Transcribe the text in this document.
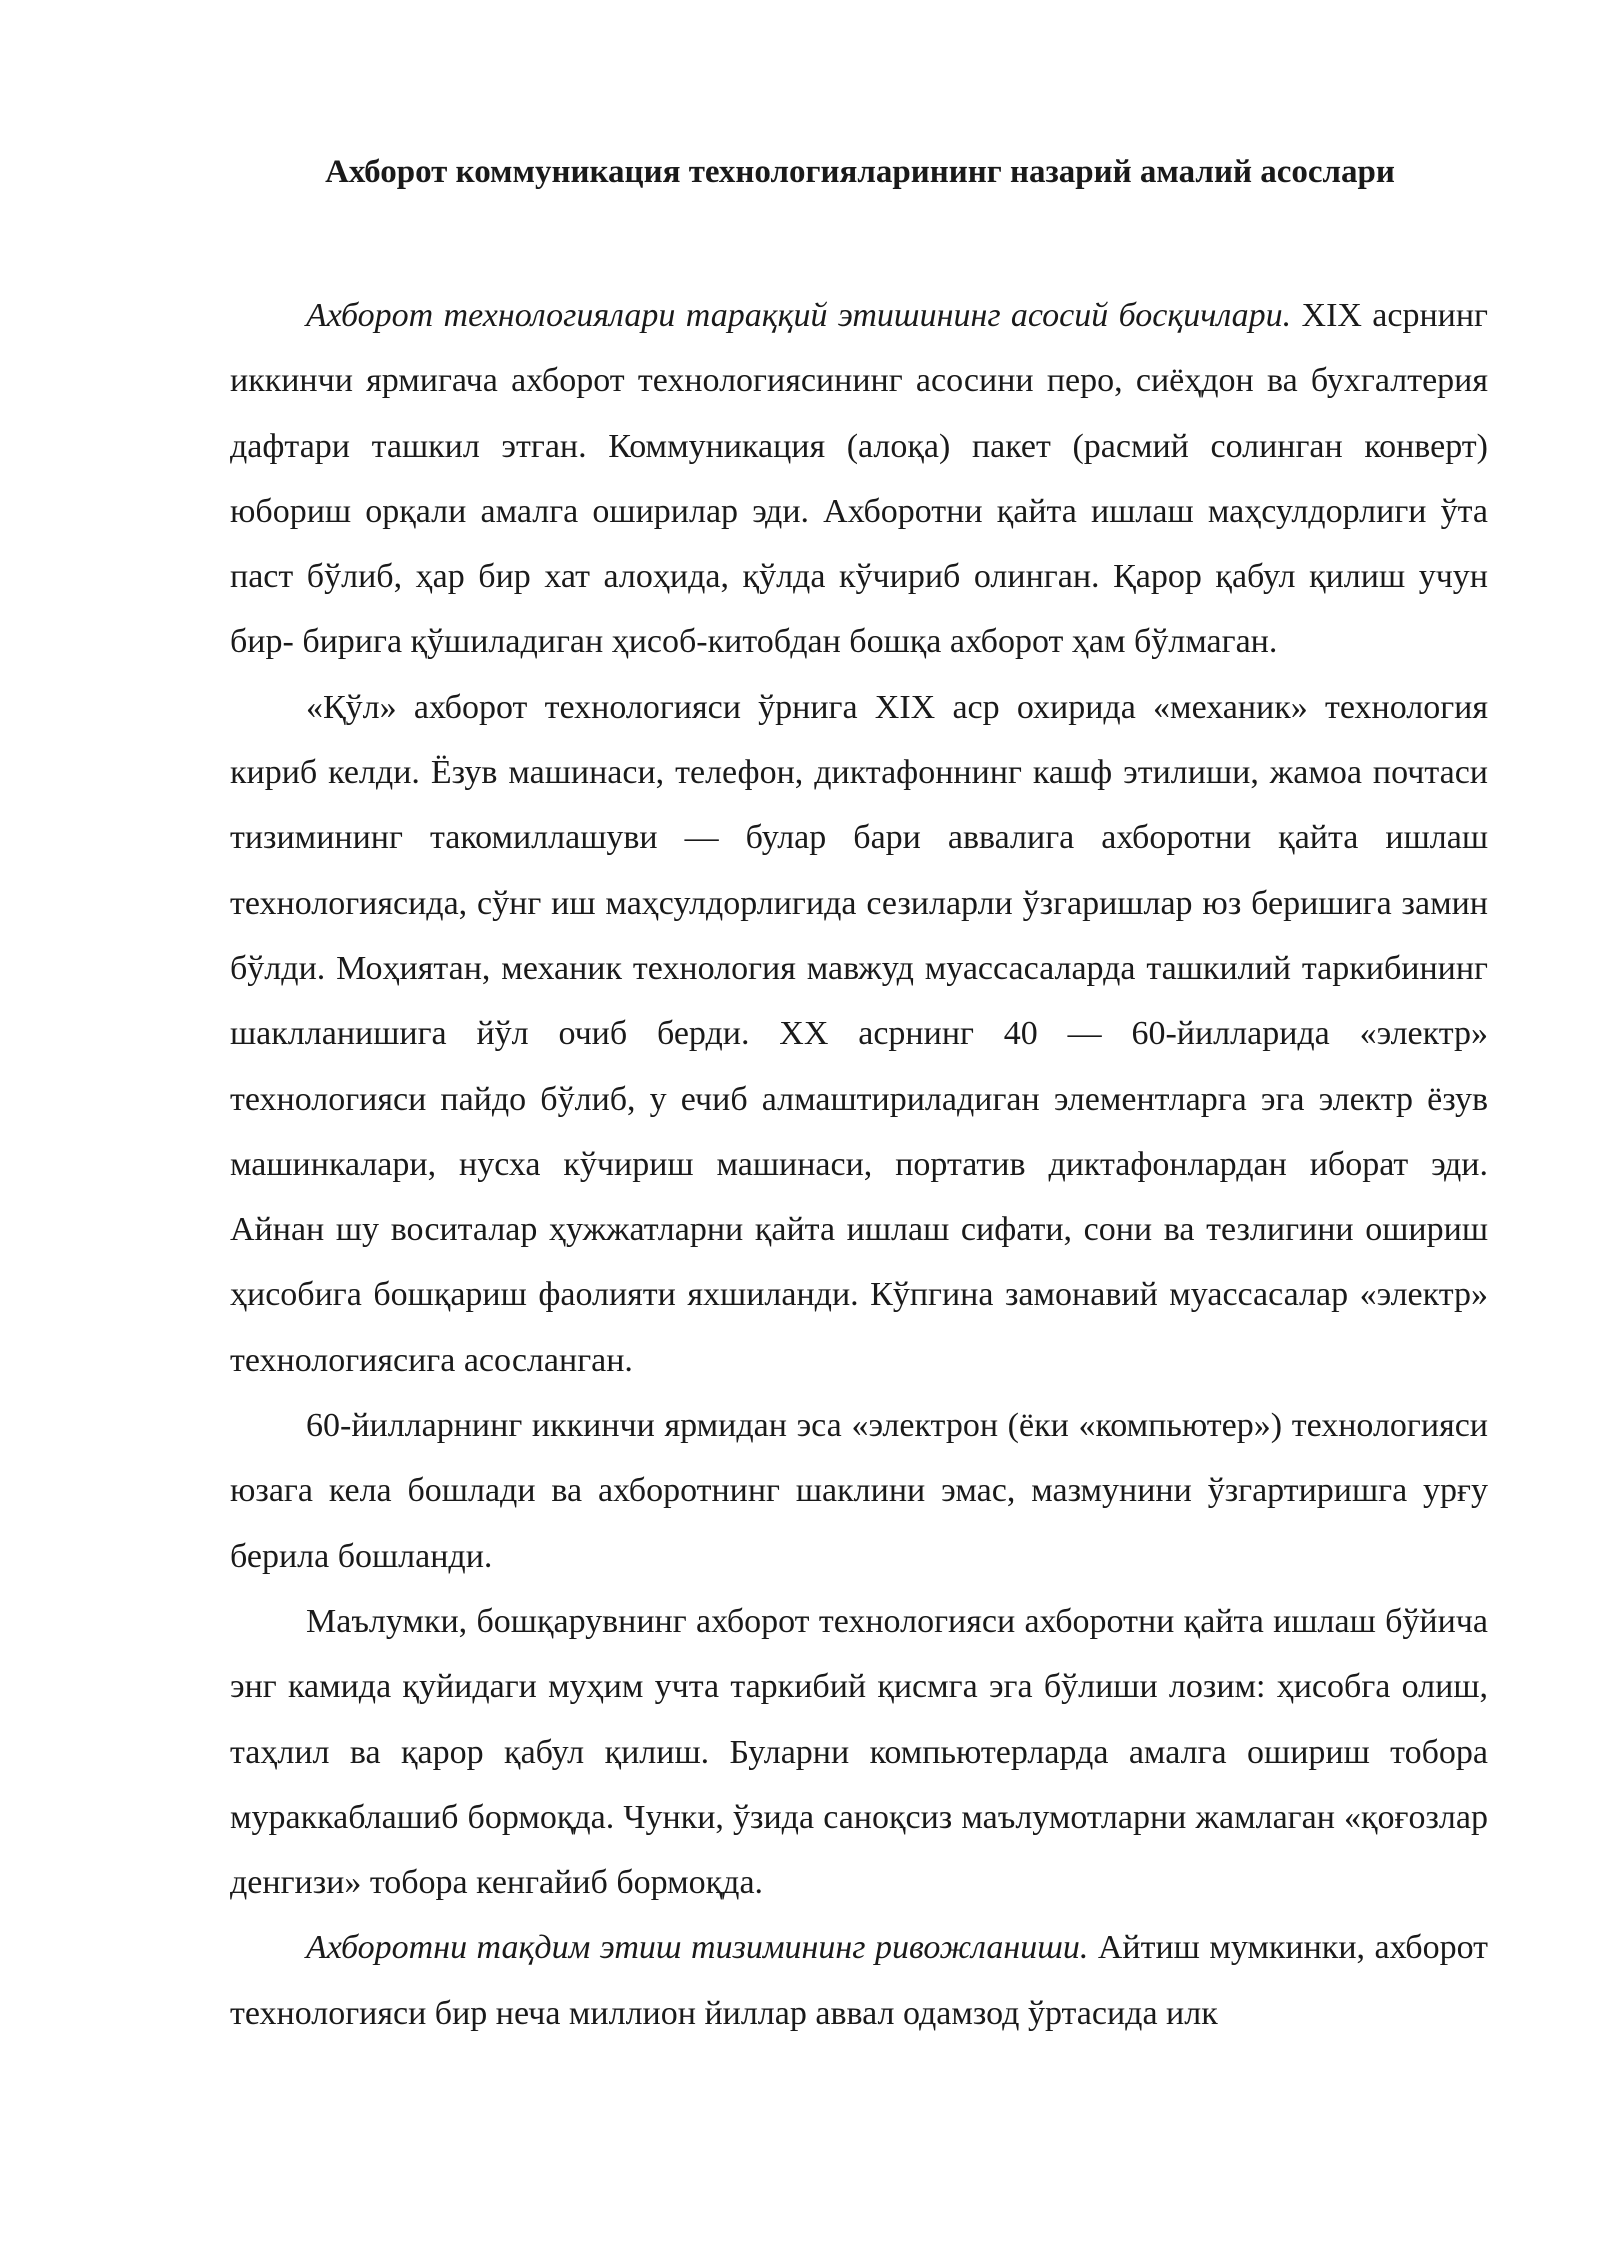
Ахборот коммуникация технологияларининг назарий амалий асослари

Ахборот технологиялари тараққий этишининг асосий босқичлари. XIX асрнинг иккинчи ярмигача ахборот технологиясининг асосини перо, сиёҳдон ва бухгалтерия дафтари ташкил этган. Коммуникация (алоқа) пакет (расмий солинган конверт) юбориш орқали амалга оширилар эди. Ахборотни қайта ишлаш маҳсулдорлиги ўта паст бўлиб, ҳар бир хат алоҳида, қўлда кўчириб олинган. Қарор қабул қилиш учун бир- бирига қўшиладиган ҳисоб-китобдан бошқа ахборот ҳам бўлмаган.

«Қўл» ахборот технологияси ўрнига XIX аср охирида «механик» технология кириб келди. Ёзув машинаси, телефон, диктафоннинг кашф этилиши, жамоа почтаси тизимининг такомиллашуви — булар бари аввалига ахборотни қайта ишлаш технологиясида, сўнг иш маҳсулдорлигида сезиларли ўзгаришлар юз беришига замин бўлди. Моҳиятан, механик технология мавжуд муассасаларда ташкилий таркибининг шаклланишига йўл очиб берди. XX асрнинг 40 — 60-йилларида «электр» технологияси пайдо бўлиб, у ечиб алмаштириладиган элементларга эга электр ёзув машинкалари, нусха кўчириш машинаси, портатив диктафонлардан иборат эди. Айнан шу воситалар ҳужжатларни қайта ишлаш сифати, сони ва тезлигини ошириш ҳисобига бошқариш фаолияти яхшиланди. Кўпгина замонавий муассасалар «электр» технологиясига асосланган.

60-йилларнинг иккинчи ярмидан эса «электрон (ёки «компьютер») технологияси юзага кела бошлади ва ахборотнинг шаклини эмас, мазмунини ўзгартиришга урғу берила бошланди.

Маълумки, бошқарувнинг ахборот технологияси ахборотни қайта ишлаш бўйича энг камида қуйидаги муҳим учта таркибий қисмга эга бўлиши лозим: ҳисобга олиш, таҳлил ва қарор қабул қилиш. Буларни компьютерларда амалга ошириш тобора мураккаблашиб бормоқда. Чунки, ўзида саноқсиз маълумотларни жамлаган «қоғозлар денгизи» тобора кенгайиб бормоқда.

Ахборотни тақдим этиш тизимининг ривожланиши. Айтиш мумкинки, ахборот технологияси бир неча миллион йиллар аввал одамзод ўртасида илк
